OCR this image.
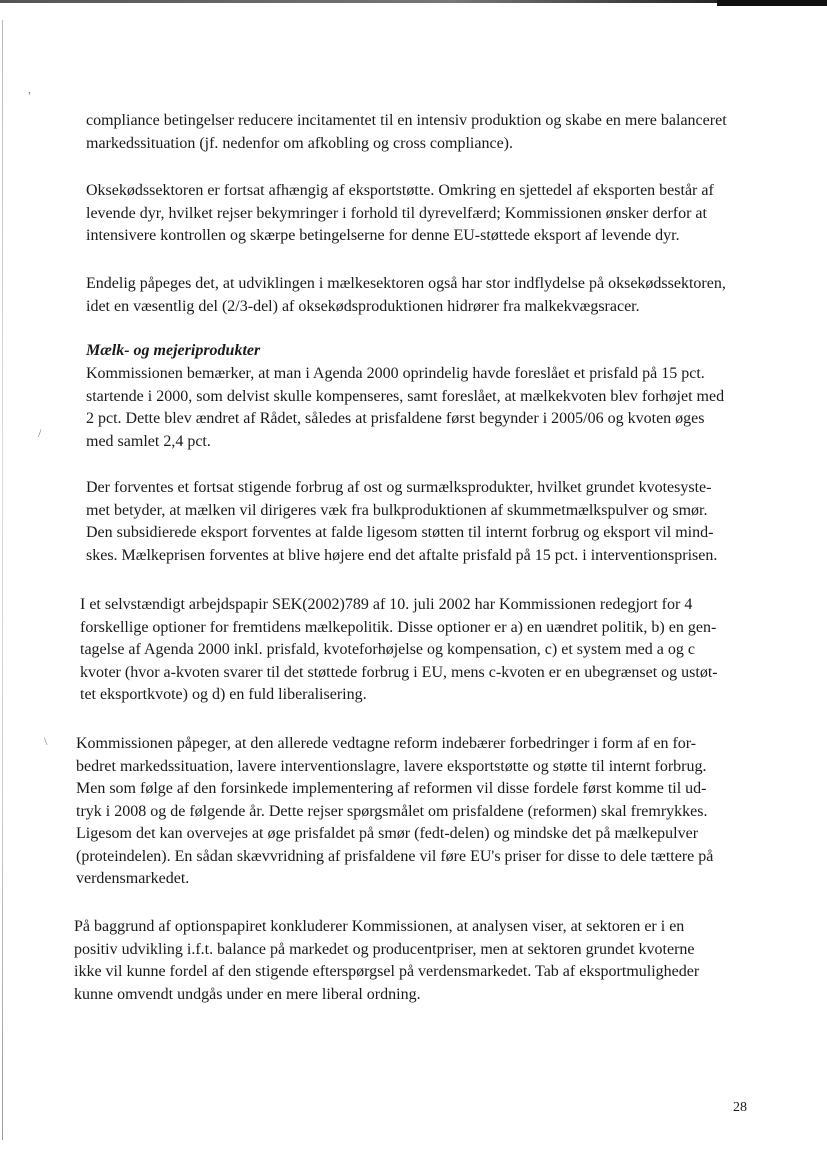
,
/
\

compliance betingelser reducere incitamentet til en intensiv produktion og skabe en mere balanceret
markedssituation (jf. nedenfor om afkobling og cross compliance).

Oksekødssektoren er fortsat afhængig af eksportstøtte. Omkring en sjettedel af eksporten består af
levende dyr, hvilket rejser bekymringer i forhold til dyrevelfærd; Kommissionen ønsker derfor at
intensivere kontrollen og skærpe betingelserne for denne EU-støttede eksport af levende dyr.

Endelig påpeges det, at udviklingen i mælkesektoren også har stor indflydelse på oksekødssektoren,
idet en væsentlig del (2/3-del) af oksekødsproduktionen hidrører fra malkekvægsracer.

Mælk- og mejeriprodukter

Kommissionen bemærker, at man i Agenda 2000 oprindelig havde foreslået et prisfald på 15 pct.
startende i 2000, som delvist skulle kompenseres, samt foreslået, at mælkekvoten blev forhøjet med
2 pct. Dette blev ændret af Rådet, således at prisfaldene først begynder i 2005/06 og kvoten øges
med samlet 2,4 pct.

Der forventes et fortsat stigende forbrug af ost og surmælksprodukter, hvilket grundet kvotesyste-
met betyder, at mælken vil dirigeres væk fra bulkproduktionen af skummetmælkspulver og smør.
Den subsidierede eksport forventes at falde ligesom støtten til internt forbrug og eksport vil mind-
skes. Mælkeprisen forventes at blive højere end det aftalte prisfald på 15 pct. i interventionsprisen.

I et selvstændigt arbejdspapir SEK(2002)789 af 10. juli 2002 har Kommissionen redegjort for 4
forskellige optioner for fremtidens mælkepolitik. Disse optioner er a) en uændret politik, b) en gen-
tagelse af Agenda 2000 inkl. prisfald, kvoteforhøjelse og kompensation, c) et system med a og c
kvoter (hvor a-kvoten svarer til det støttede forbrug i EU, mens c-kvoten er en ubegrænset og ustøt-
tet eksportkvote) og d) en fuld liberalisering.

Kommissionen påpeger, at den allerede vedtagne reform indebærer forbedringer i form af en for-
bedret markedssituation, lavere interventionslagre, lavere eksportstøtte og støtte til internt forbrug.
Men som følge af den forsinkede implementering af reformen vil disse fordele først komme til ud-
tryk i 2008 og de følgende år. Dette rejser spørgsmålet om prisfaldene (reformen) skal fremrykkes.
Ligesom det kan overvejes at øge prisfaldet på smør (fedt-delen) og mindske det på mælkepulver
(proteindelen). En sådan skævvridning af prisfaldene vil føre EU's priser for disse to dele tættere på
verdensmarkedet.

På baggrund af optionspapiret konkluderer Kommissionen, at analysen viser, at sektoren er i en
positiv udvikling i.f.t. balance på markedet og producentpriser, men at sektoren grundet kvoterne
ikke vil kunne fordel af den stigende efterspørgsel på verdensmarkedet. Tab af eksportmuligheder
kunne omvendt undgås under en mere liberal ordning.

28
